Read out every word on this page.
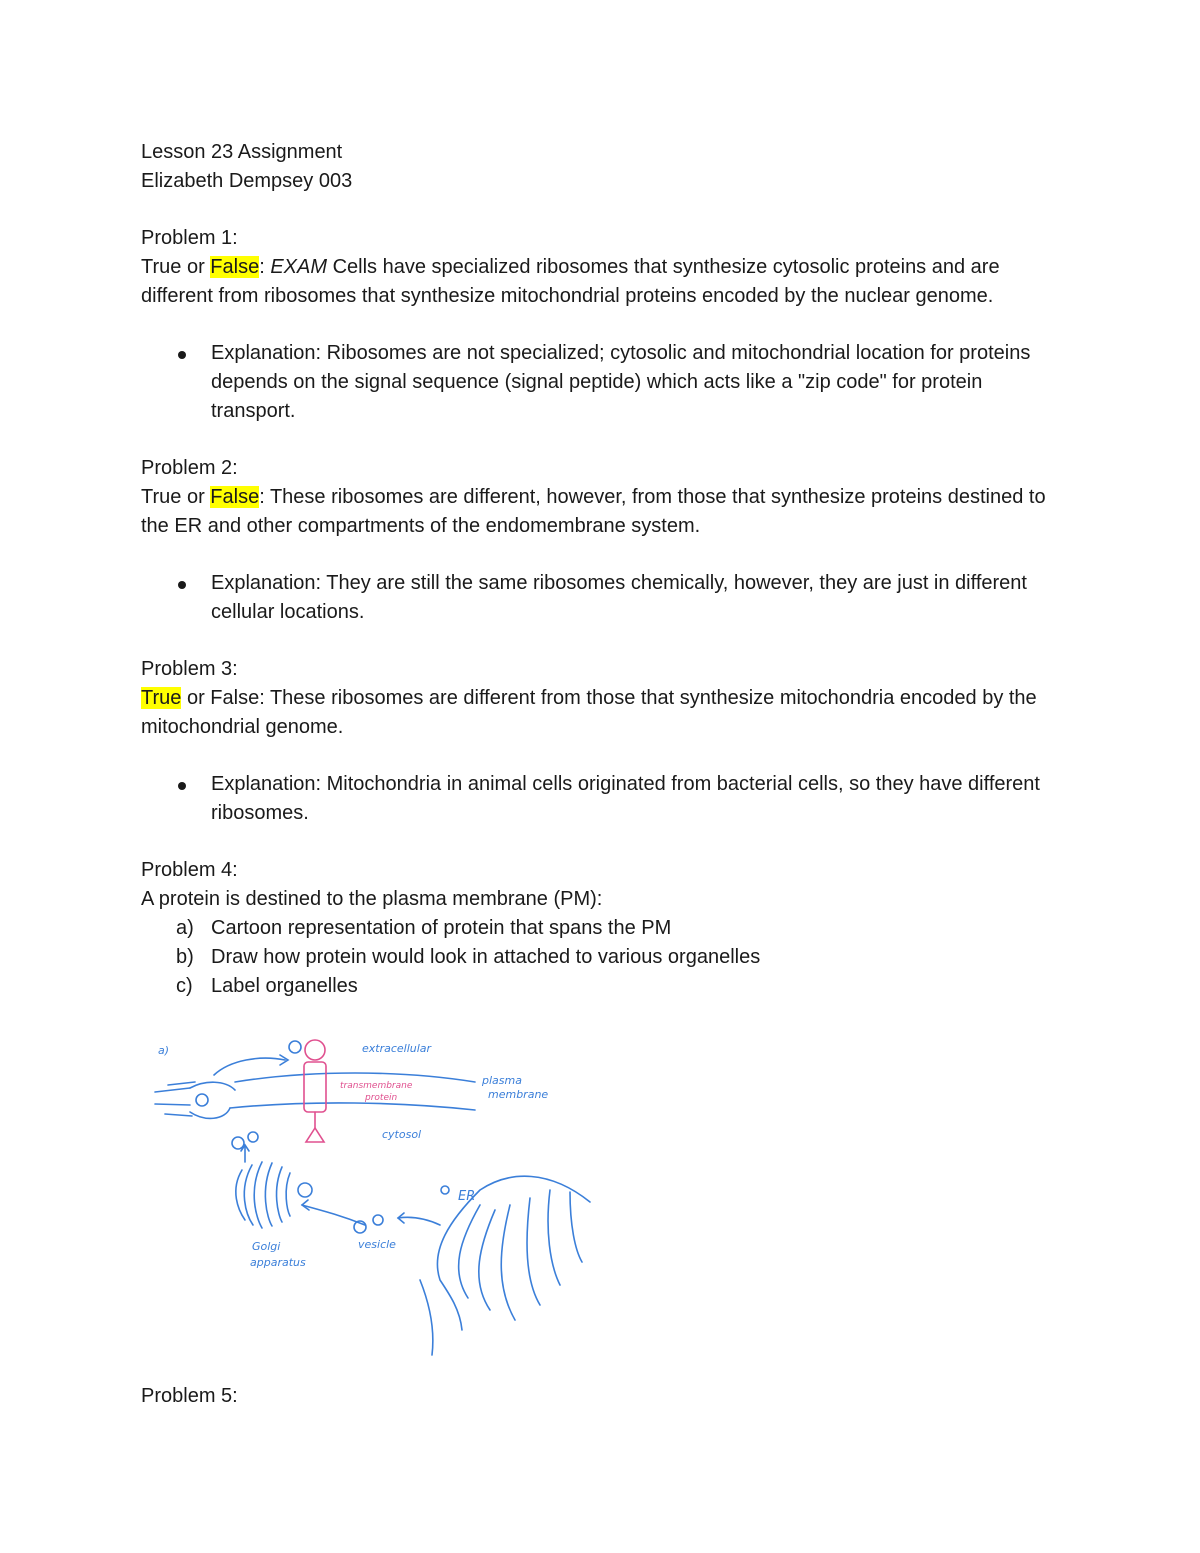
Lesson 23 Assignment

Elizabeth Dempsey 003

Problem 1:

True or False: EXAM Cells have specialized ribosomes that synthesize cytosolic proteins and are different from ribosomes that synthesize mitochondrial proteins encoded by the nuclear genome.

Explanation: Ribosomes are not specialized; cytosolic and mitochondrial location for proteins depends on the signal sequence (signal peptide) which acts like a "zip code" for protein transport.

Problem 2:

True or False: These ribosomes are different, however, from those that synthesize proteins destined to the ER and other compartments of the endomembrane system.

Explanation: They are still the same ribosomes chemically, however, they are just in different cellular locations.

Problem 3:

True or False: These ribosomes are different from those that synthesize mitochondria encoded by the mitochondrial genome.

Explanation: Mitochondria in animal cells originated from bacterial cells, so they have different ribosomes.

Problem 4:

A protein is destined to the plasma membrane (PM):

a) Cartoon representation of protein that spans the PM
b) Draw how protein would look in attached to various organelles
c) Label organelles
a)	extracellular
plasma
membrane
cytosol
ER
vesicle
Golgi
apparatus
transmembrane
protein

Problem 5:
